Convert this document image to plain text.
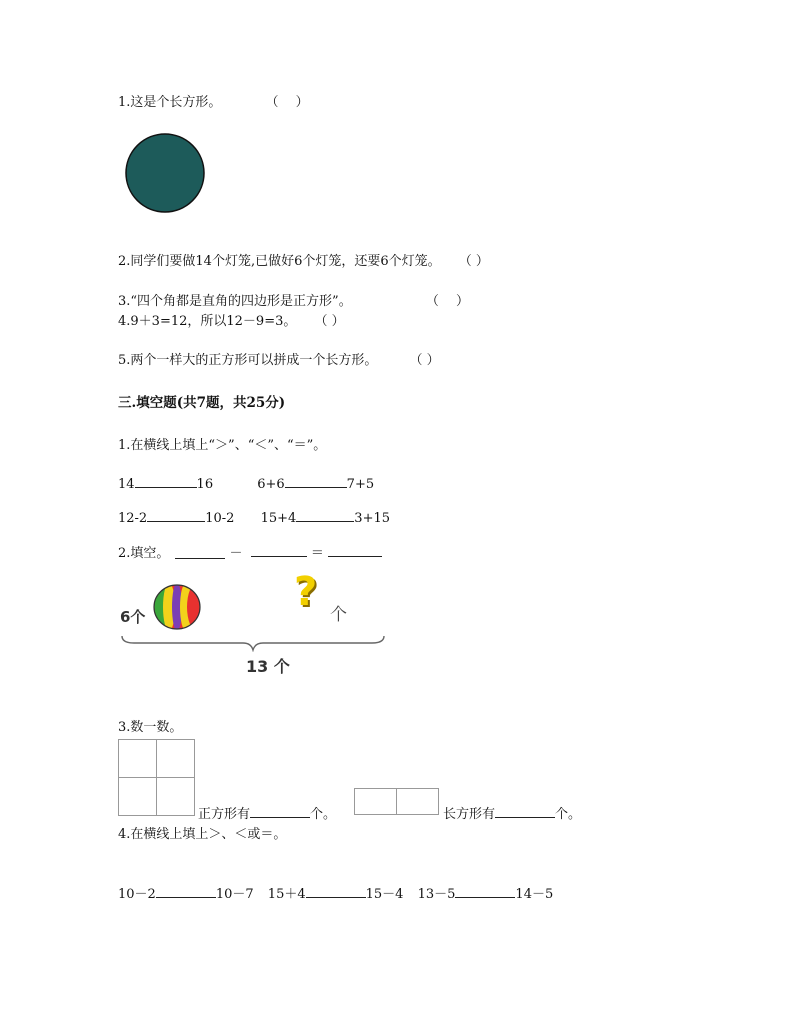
1.这是个长方形。	（　 ）
2.同学们要做14个灯笼,已做好6个灯笼，还要6个灯笼。 （ ）
3.“四个角都是直角的四边形是正方形”。	（　 ）
4.9＋3=12，所以12－9=3。 （ ）
5.两个一样大的正方形可以拼成一个长方形。 （ ）
三.填空题(共7题，共25分)
1.在横线上填上“＞”、“＜”、“＝”。
14	16	6+6	7+5
12-2	10-2 15+4	3+15
2.填空。	－	＝
6个
? 个
13 个
3.数一数。
正方形有	个。	长方形有	个。
4.在横线上填上＞、＜或＝。
10－2	10－7 15＋4	15－4 13－5	14－5
